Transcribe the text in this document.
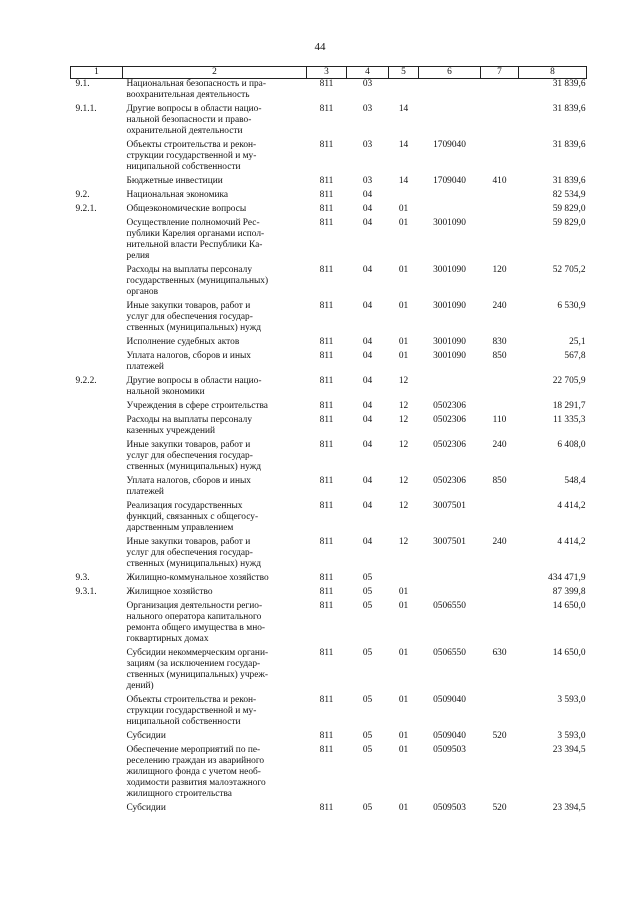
44
1	2	3	4	5	6	7	8
9.1.	Национальная безопасность и пра-
воохранительная деятельность	811	03				31 839,6
9.1.1.	Другие вопросы в области нацио-
нальной безопасности и право-
охранительной деятельности	811	03	14			31 839,6
	Объекты строительства и рекон-
струкции государственной и му-
ниципальной собственности	811	03	14	1709040		31 839,6
	Бюджетные инвестиции	811	03	14	1709040	410	31 839,6
9.2.	Национальная экономика	811	04				82 534,9
9.2.1.	Общеэкономические вопросы	811	04	01			59 829,0
	Осуществление полномочий Рес-
публики Карелия органами испол-
нительной власти Республики Ка-
релия	811	04	01	3001090		59 829,0
	Расходы на выплаты персоналу
государственных (муниципальных)
органов	811	04	01	3001090	120	52 705,2
	Иные закупки товаров, работ и
услуг для обеспечения государ-
ственных (муниципальных) нужд	811	04	01	3001090	240	6 530,9
	Исполнение судебных актов	811	04	01	3001090	830	25,1
	Уплата налогов, сборов и иных
платежей	811	04	01	3001090	850	567,8
9.2.2.	Другие вопросы в области нацио-
нальной экономики	811	04	12			22 705,9
	Учреждения в сфере строительства	811	04	12	0502306		18 291,7
	Расходы на выплаты персоналу
казенных учреждений	811	04	12	0502306	110	11 335,3
	Иные закупки товаров, работ и
услуг для обеспечения государ-
ственных (муниципальных) нужд	811	04	12	0502306	240	6 408,0
	Уплата налогов, сборов и иных
платежей	811	04	12	0502306	850	548,4
	Реализация государственных
функций, связанных с общегосу-
дарственным управлением	811	04	12	3007501		4 414,2
	Иные закупки товаров, работ и
услуг для обеспечения государ-
ственных (муниципальных) нужд	811	04	12	3007501	240	4 414,2
9.3.	Жилищно-коммунальное хозяйство	811	05				434 471,9
9.3.1.	Жилищное хозяйство	811	05	01			87 399,8
	Организация деятельности регио-
нального оператора капитального
ремонта общего имущества в мно-
гоквартирных домах	811	05	01	0506550		14 650,0
	Субсидии некоммерческим органи-
зациям (за исключением государ-
ственных (муниципальных) учреж-
дений)	811	05	01	0506550	630	14 650,0
	Объекты строительства и рекон-
струкции государственной и му-
ниципальной собственности	811	05	01	0509040		3 593,0
	Субсидии	811	05	01	0509040	520	3 593,0
	Обеспечение мероприятий по пе-
реселению граждан из аварийного
жилищного фонда с учетом необ-
ходимости развития малоэтажного
жилищного строительства	811	05	01	0509503		23 394,5
	Субсидии	811	05	01	0509503	520	23 394,5
